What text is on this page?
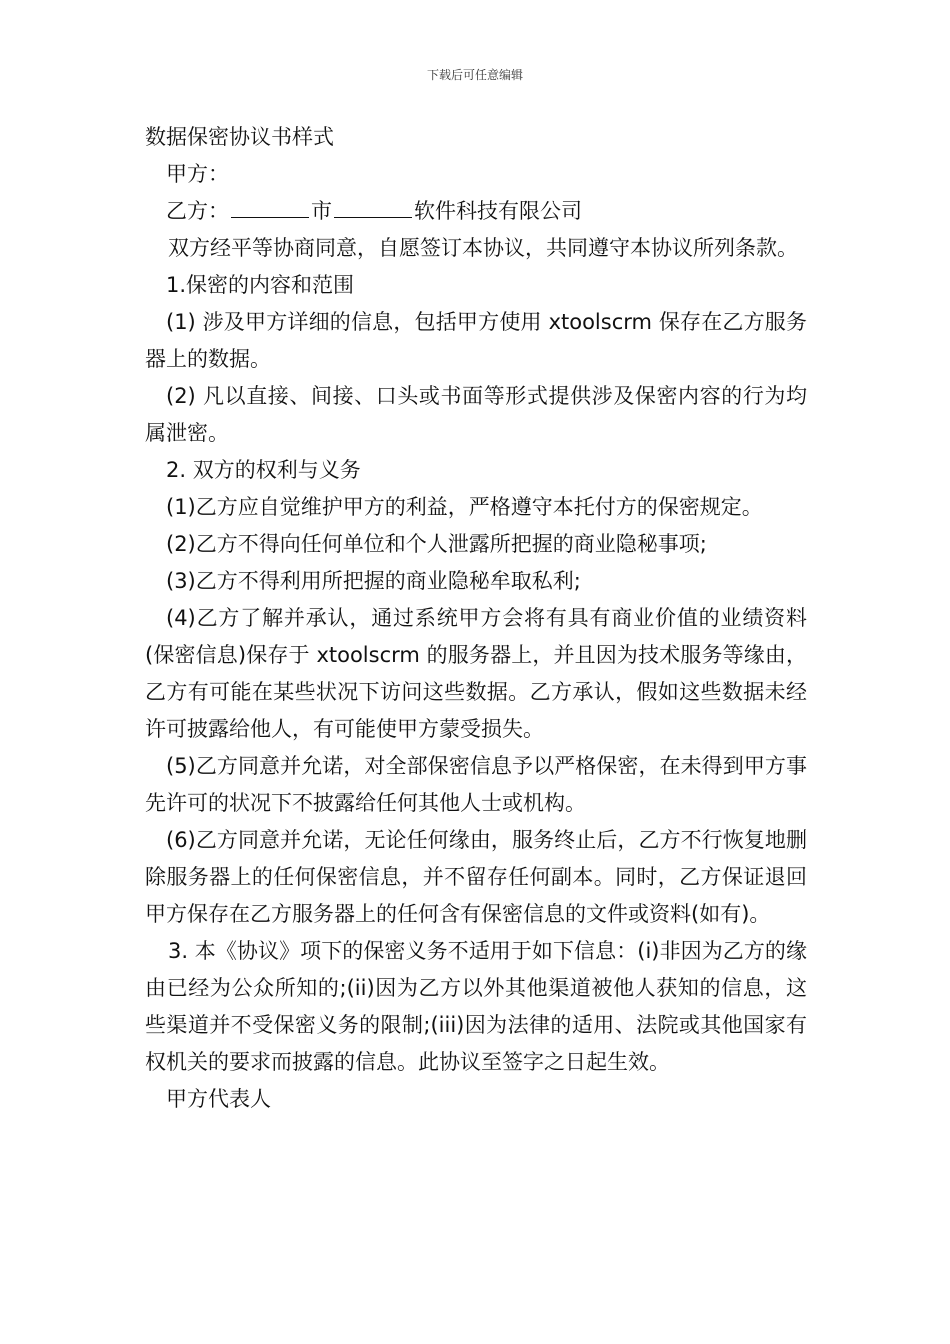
下载后可任意编辑

数据保密协议书样式

甲方：

乙方：	市	软件科技有限公司

双方经平等协商同意，自愿签订本协议，共同遵守本协议所列条款。

1.保密的内容和范围

(1) 涉及甲方详细的信息，包括甲方使用 xtoolscrm 保存在乙方服务器上的数据。

(2) 凡以直接、间接、口头或书面等形式提供涉及保密内容的行为均属泄密。

2. 双方的权利与义务

(1)乙方应自觉维护甲方的利益，严格遵守本托付方的保密规定。

(2)乙方不得向任何单位和个人泄露所把握的商业隐秘事项;

(3)乙方不得利用所把握的商业隐秘牟取私利;

(4)乙方了解并承认，通过系统甲方会将有具有商业价值的业绩资料(保密信息)保存于 xtoolscrm 的服务器上，并且因为技术服务等缘由，乙方有可能在某些状况下访问这些数据。乙方承认，假如这些数据未经许可披露给他人，有可能使甲方蒙受损失。

(5)乙方同意并允诺，对全部保密信息予以严格保密，在未得到甲方事先许可的状况下不披露给任何其他人士或机构。

(6)乙方同意并允诺，无论任何缘由，服务终止后，乙方不行恢复地删除服务器上的任何保密信息，并不留存任何副本。同时，乙方保证退回甲方保存在乙方服务器上的任何含有保密信息的文件或资料(如有)。

3. 本《协议》项下的保密义务不适用于如下信息：(i)非因为乙方的缘由已经为公众所知的;(ii)因为乙方以外其他渠道被他人获知的信息，这些渠道并不受保密义务的限制;(iii)因为法律的适用、法院或其他国家有权机关的要求而披露的信息。此协议至签字之日起生效。

甲方代表人
